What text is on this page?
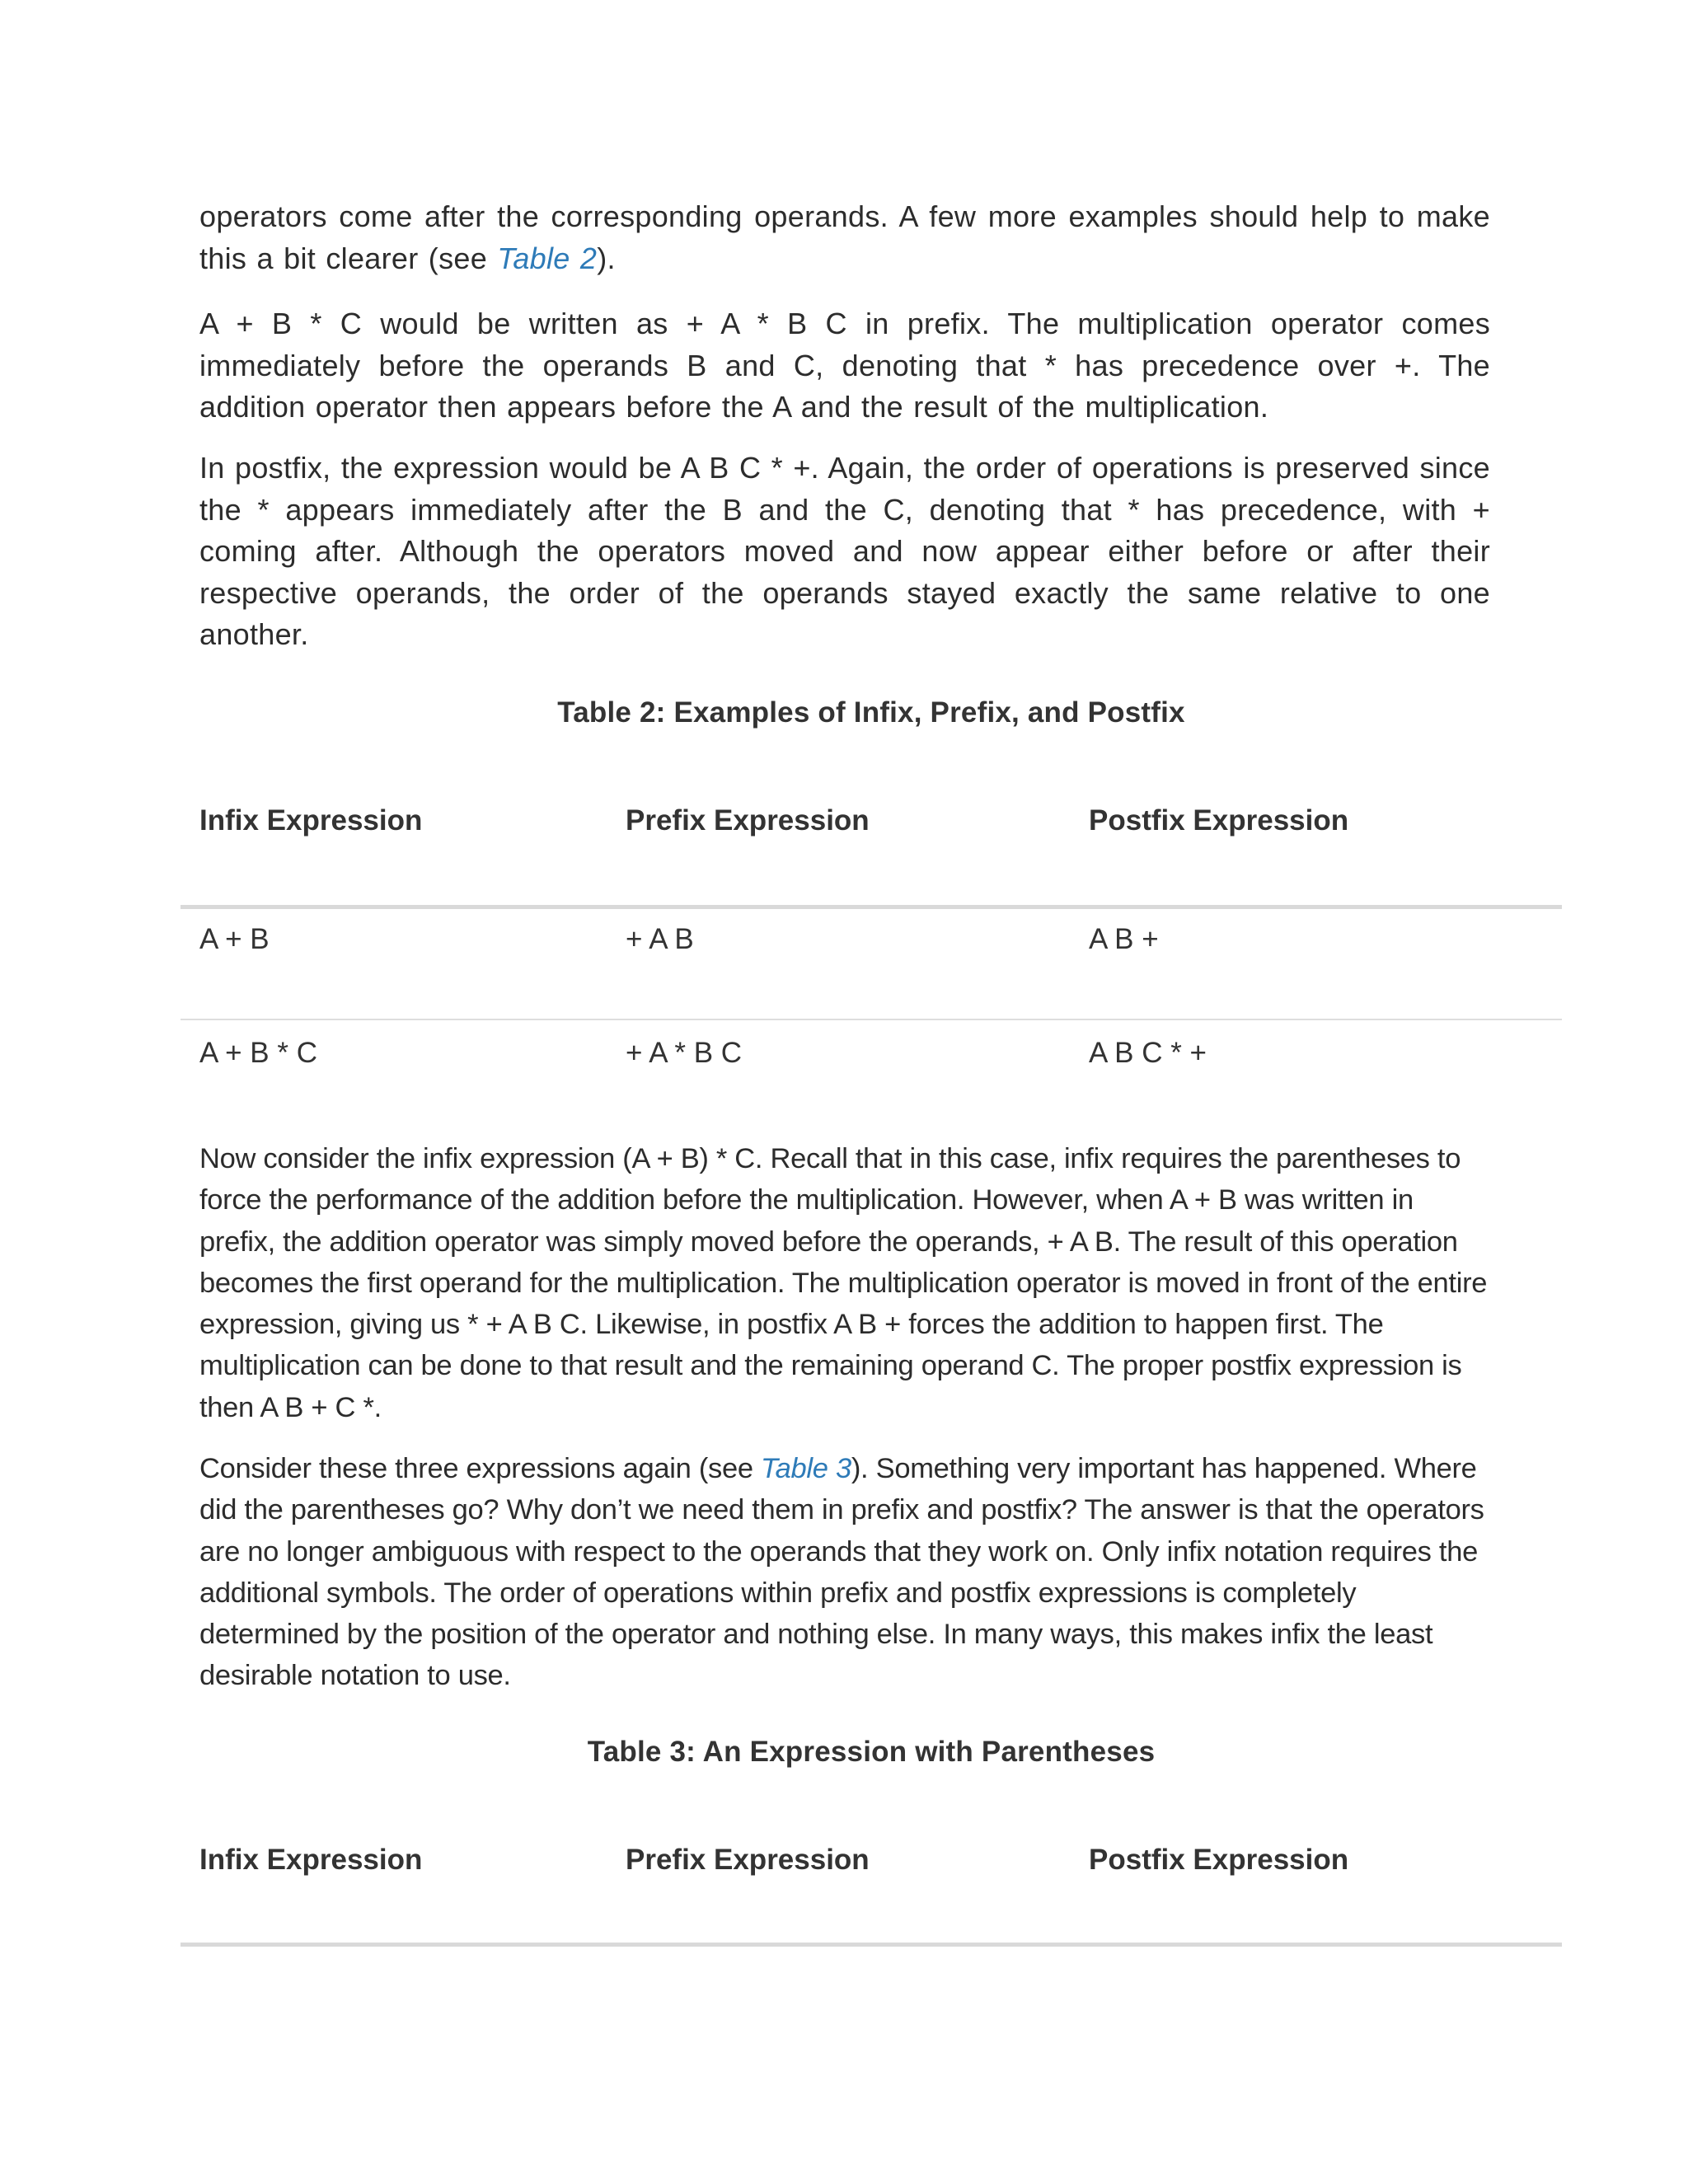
operators come after the corresponding operands. A few more examples should help to make this a bit clearer (see Table 2).

A + B * C would be written as + A * B C in prefix. The multiplication operator comes immediately before the operands B and C, denoting that * has precedence over +. The addition operator then appears before the A and the result of the multiplication.

In postfix, the expression would be A B C * +. Again, the order of operations is preserved since the * appears immediately after the B and the C, denoting that * has precedence, with + coming after. Although the operators moved and now appear either before or after their respective operands, the order of the operands stayed exactly the same relative to one another.

Table 2: Examples of Infix, Prefix, and Postfix
Infix Expression	Prefix Expression	Postfix Expression
A + B	+ A B	A B +
A + B * C	+ A * B C	A B C * +

Now consider the infix expression (A + B) * C. Recall that in this case, infix requires the parentheses to force the performance of the addition before the multiplication. However, when A + B was written in prefix, the addition operator was simply moved before the operands, + A B. The result of this operation becomes the first operand for the multiplication. The multiplication operator is moved in front of the entire expression, giving us * + A B C. Likewise, in postfix A B + forces the addition to happen first. The multiplication can be done to that result and the remaining operand C. The proper postfix expression is then A B + C *.

Consider these three expressions again (see Table 3). Something very important has happened. Where did the parentheses go? Why don’t we need them in prefix and postfix? The answer is that the operators are no longer ambiguous with respect to the operands that they work on. Only infix notation requires the additional symbols. The order of operations within prefix and postfix expressions is completely determined by the position of the operator and nothing else. In many ways, this makes infix the least desirable notation to use.

Table 3: An Expression with Parentheses
Infix Expression	Prefix Expression	Postfix Expression
